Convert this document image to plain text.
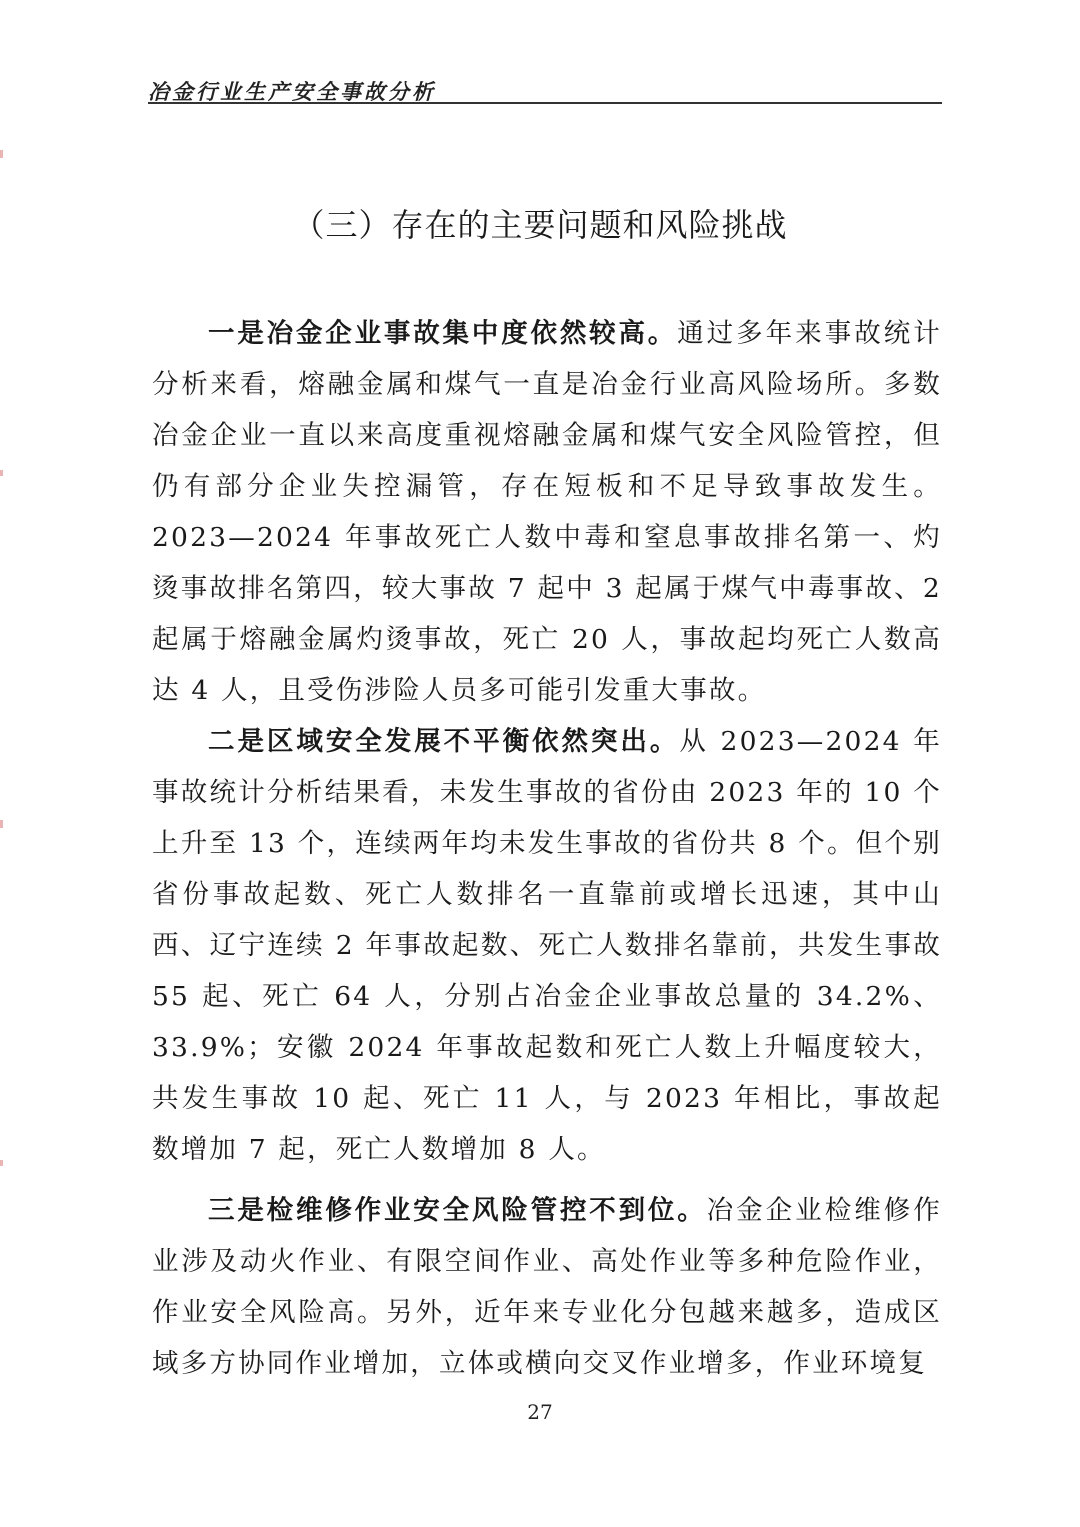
冶金行业生产安全事故分析
（三）存在的主要问题和风险挑战

一是冶金企业事故集中度依然较高。通过多年来事故统计分析来看，熔融金属和煤气一直是冶金行业高风险场所。多数冶金企业一直以来高度重视熔融金属和煤气安全风险管控，但仍有部分企业失控漏管，存在短板和不足导致事故发生。2023—2024 年事故死亡人数中毒和窒息事故排名第一、灼烫事故排名第四，较大事故 7 起中 3 起属于煤气中毒事故、2 起属于熔融金属灼烫事故，死亡 20 人，事故起均死亡人数高达 4 人，且受伤涉险人员多可能引发重大事故。

二是区域安全发展不平衡依然突出。从 2023—2024 年事故统计分析结果看，未发生事故的省份由 2023 年的 10 个上升至 13 个，连续两年均未发生事故的省份共 8 个。但个别省份事故起数、死亡人数排名一直靠前或增长迅速，其中山西、辽宁连续 2 年事故起数、死亡人数排名靠前，共发生事故 55 起、死亡 64 人，分别占冶金企业事故总量的 34.2%、33.9%；安徽 2024 年事故起数和死亡人数上升幅度较大，共发生事故 10 起、死亡 11 人，与 2023 年相比，事故起数增加 7 起，死亡人数增加 8 人。

三是检维修作业安全风险管控不到位。冶金企业检维修作业涉及动火作业、有限空间作业、高处作业等多种危险作业，作业安全风险高。另外，近年来专业化分包越来越多，造成区域多方协同作业增加，立体或横向交叉作业增多，作业环境复

27
